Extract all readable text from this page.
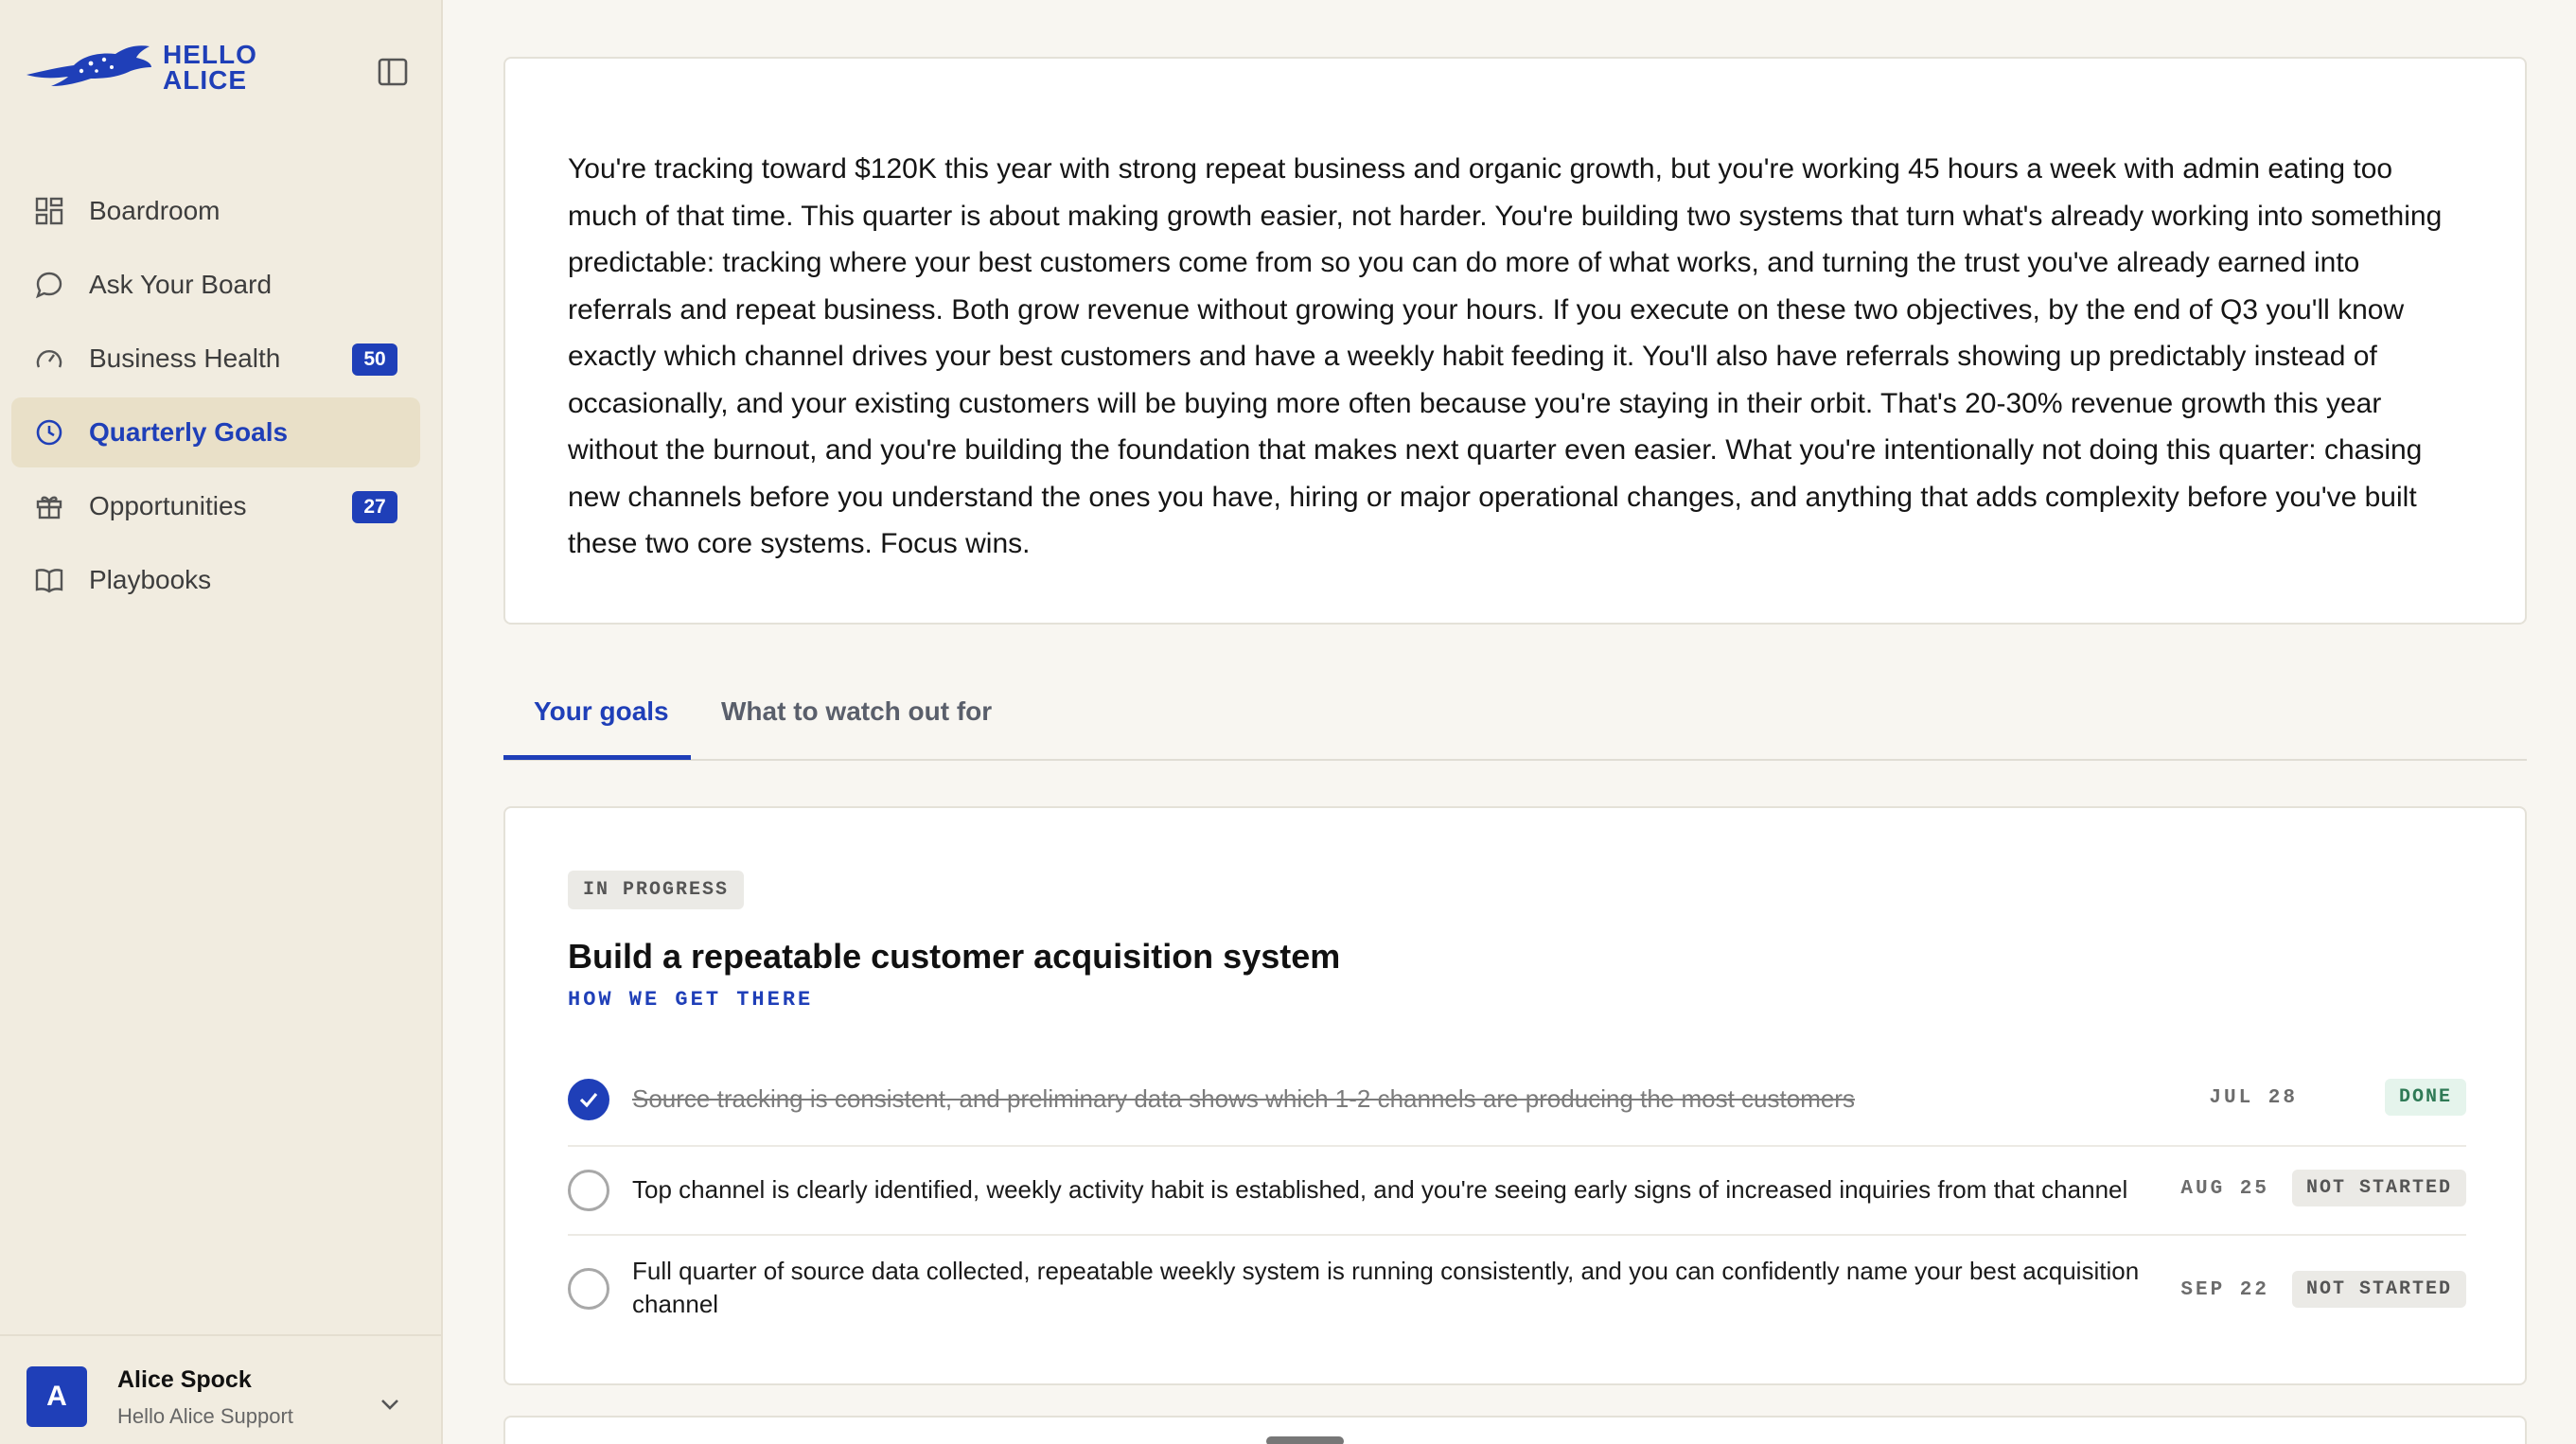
HELLO
ALICE
Boardroom
Ask Your Board
Business Health	50
Quarterly Goals
Opportunities	27
Playbooks
A
Alice Spock
Hello Alice Support

You're tracking toward $120K this year with strong repeat business and organic growth, but you're working 45 hours a week with admin eating too much of that time. This quarter is about making growth easier, not harder. You're building two systems that turn what's already working into something predictable: tracking where your best customers come from so you can do more of what works, and turning the trust you've already earned into referrals and repeat business. Both grow revenue without growing your hours. If you execute on these two objectives, by the end of Q3 you'll know exactly which channel drives your best customers and have a weekly habit feeding it. You'll also have referrals showing up predictably instead of occasionally, and your existing customers will be buying more often because you're staying in their orbit. That's 20-30% revenue growth this year without the burnout, and you're building the foundation that makes next quarter even easier. What you're intentionally not doing this quarter: chasing new channels before you understand the ones you have, hiring or major operational changes, and anything that adds complexity before you've built these two core systems. Focus wins.

Your goals What to watch out for
IN PROGRESS
Build a repeatable customer acquisition system
HOW WE GET THERE
Source tracking is consistent, and preliminary data shows which 1-2 channels are producing the most customers	JUL 28	DONE
Top channel is clearly identified, weekly activity habit is established, and you're seeing early signs of increased inquiries from that channel	AUG 25	NOT STARTED
Full quarter of source data collected, repeatable weekly system is running consistently, and you can confidently name your best acquisition channel	SEP 22	NOT STARTED
